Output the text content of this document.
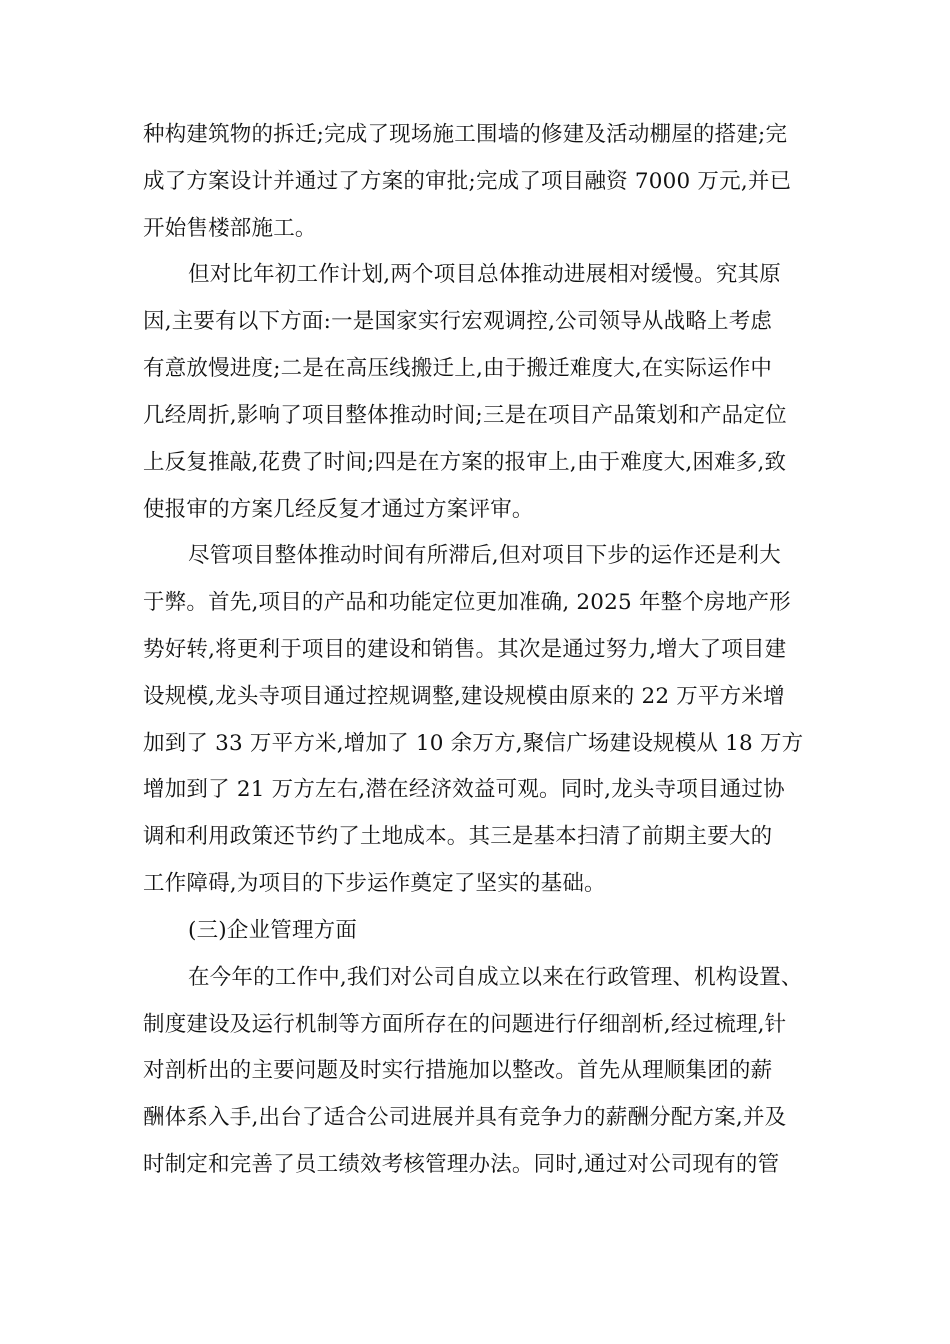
种构建筑物的拆迁;完成了现场施工围墙的修建及活动棚屋的搭建;完
成了方案设计并通过了方案的审批;完成了项目融资 7000 万元,并已
开始售楼部施工。
但对比年初工作计划,两个项目总体推动进展相对缓慢。究其原
因,主要有以下方面:一是国家实行宏观调控,公司领导从战略上考虑
有意放慢进度;二是在高压线搬迁上,由于搬迁难度大,在实际运作中
几经周折,影响了项目整体推动时间;三是在项目产品策划和产品定位
上反复推敲,花费了时间;四是在方案的报审上,由于难度大,困难多,致
使报审的方案几经反复才通过方案评审。
尽管项目整体推动时间有所滞后,但对项目下步的运作还是利大
于弊。首先,项目的产品和功能定位更加准确, 2025 年整个房地产形
势好转,将更利于项目的建设和销售。其次是通过努力,增大了项目建
设规模,龙头寺项目通过控规调整,建设规模由原来的 22 万平方米增
加到了 33 万平方米,增加了 10 余万方,聚信广场建设规模从 18 万方
增加到了 21 万方左右,潜在经济效益可观。同时,龙头寺项目通过协
调和利用政策还节约了土地成本。其三是基本扫清了前期主要大的
工作障碍,为项目的下步运作奠定了坚实的基础。
(三)企业管理方面
在今年的工作中,我们对公司自成立以来在行政管理、机构设置、
制度建设及运行机制等方面所存在的问题进行仔细剖析,经过梳理,针
对剖析出的主要问题及时实行措施加以整改。首先从理顺集团的薪
酬体系入手,出台了适合公司进展并具有竞争力的薪酬分配方案,并及
时制定和完善了员工绩效考核管理办法。同时,通过对公司现有的管
